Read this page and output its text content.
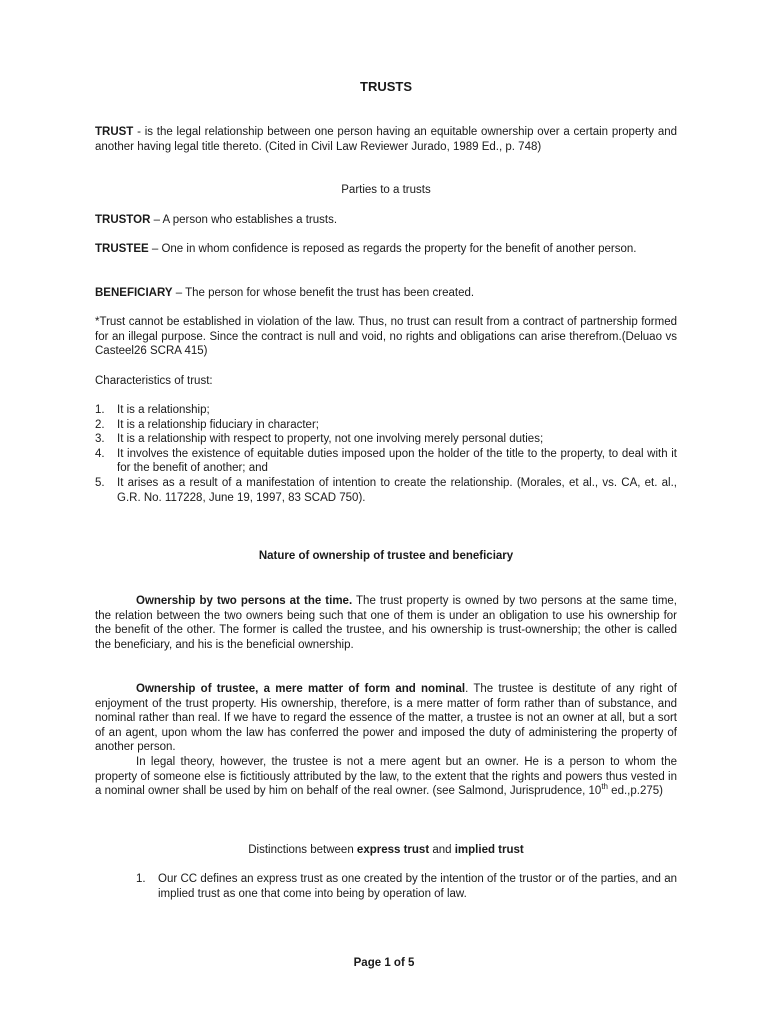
TRUSTS
TRUST - is the legal relationship between one person having an equitable ownership over a certain property and another having legal title thereto. (Cited in Civil Law Reviewer Jurado, 1989 Ed., p. 748)
Parties to a trusts
TRUSTOR – A person who establishes a trusts.
TRUSTEE – One in whom confidence is reposed as regards the property for the benefit of another person.
BENEFICIARY – The person for whose benefit the trust has been created.
*Trust cannot be established in violation of the law. Thus, no trust can result from a contract of partnership formed for an illegal purpose. Since the contract is null and void, no rights and obligations can arise therefrom.(Deluao vs Casteel26 SCRA 415)
Characteristics of trust:
1. It is a relationship;
2. It is a relationship fiduciary in character;
3. It is a relationship with respect to property, not one involving merely personal duties;
4. It involves the existence of equitable duties imposed upon the holder of the title to the property, to deal with it for the benefit of another; and
5. It arises as a result of a manifestation of intention to create the relationship. (Morales, et al., vs. CA, et. al., G.R. No. 117228, June 19, 1997, 83 SCAD 750).
Nature of ownership of trustee and beneficiary
Ownership by two persons at the time. The trust property is owned by two persons at the same time, the relation between the two owners being such that one of them is under an obligation to use his ownership for the benefit of the other. The former is called the trustee, and his ownership is trust-ownership; the other is called the beneficiary, and his is the beneficial ownership.
Ownership of trustee, a mere matter of form and nominal. The trustee is destitute of any right of enjoyment of the trust property. His ownership, therefore, is a mere matter of form rather than of substance, and nominal rather than real. If we have to regard the essence of the matter, a trustee is not an owner at all, but a sort of an agent, upon whom the law has conferred the power and imposed the duty of administering the property of another person.
In legal theory, however, the trustee is not a mere agent but an owner. He is a person to whom the property of someone else is fictitiously attributed by the law, to the extent that the rights and powers thus vested in a nominal owner shall be used by him on behalf of the real owner. (see Salmond, Jurisprudence, 10th ed.,p.275)
Distinctions between express trust and implied trust
1. Our CC defines an express trust as one created by the intention of the trustor or of the parties, and an implied trust as one that come into being by operation of law.
Page 1 of 5
